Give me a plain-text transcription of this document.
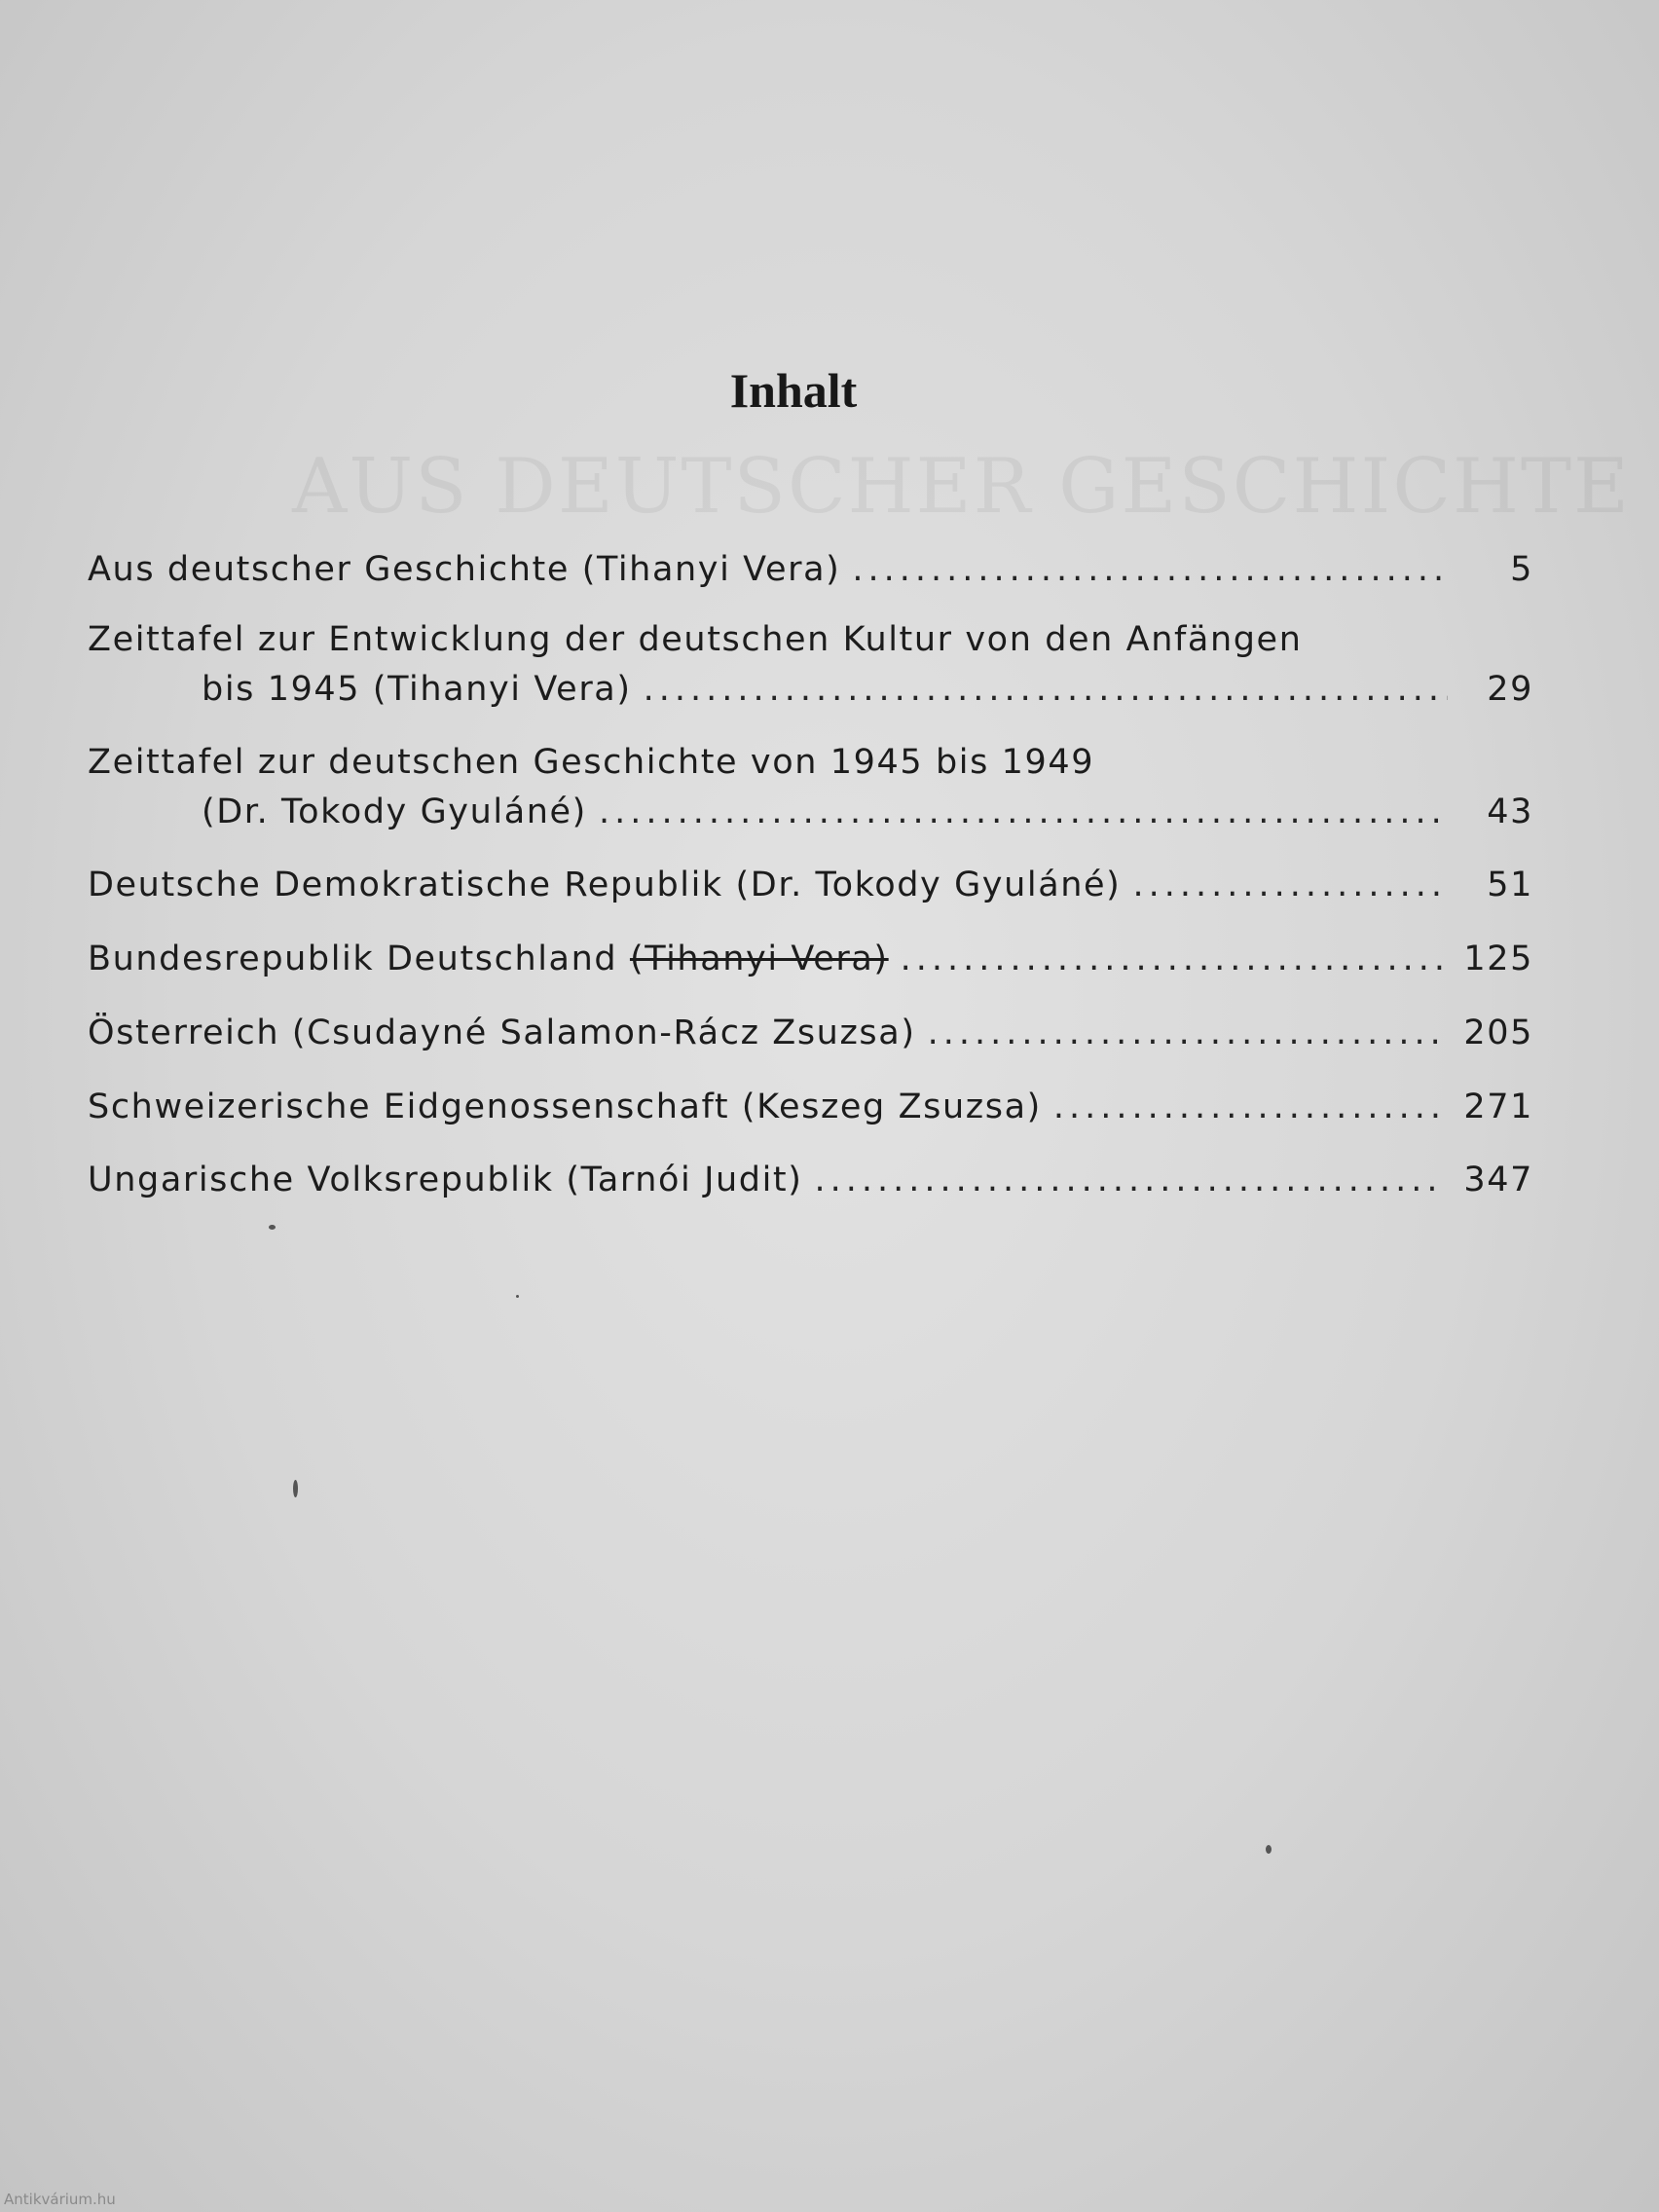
AUS DEUTSCHER GESCHICHTE
Inhalt
Aus deutscher Geschichte (Tihanyi Vera) .....	5
Zeittafel zur Entwicklung der deutschen Kultur von den Anfängen
bis 1945 (Tihanyi Vera) .....	29
Zeittafel zur deutschen Geschichte von 1945 bis 1949
(Dr. Tokody Gyuláné) .....	43
Deutsche Demokratische Republik (Dr. Tokody Gyuláné) .....	51
Bundesrepublik Deutschland (Tihanyi Vera) .....	125
Österreich (Csudayné Salamon-Rácz Zsuzsa) .....	205
Schweizerische Eidgenossenschaft (Keszeg Zsuzsa) .....	271
Ungarische Volksrepublik (Tarnói Judit) .....	347
Antikvárium.hu
